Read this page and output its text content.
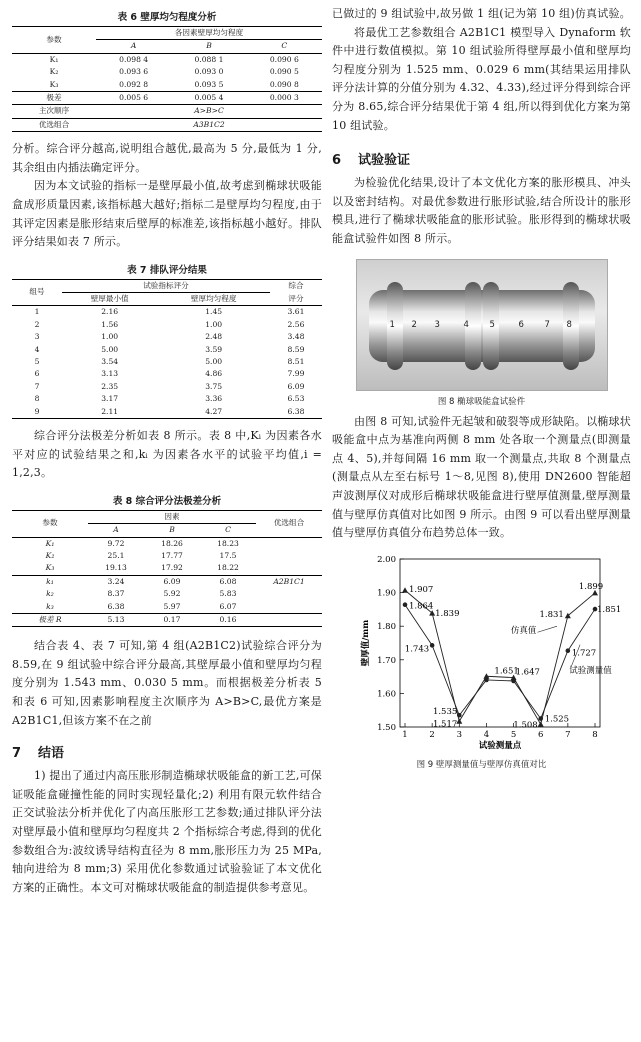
表 6 壁厚均匀程度分析
参数	各因素壁厚均匀程度		
	A	B	C
K₁	0.098 4	0.088 1	0.090 6
K₂	0.093 6	0.093 0	0.090 5
K₃	0.092 8	0.093 5	0.090 8
极差	0.005 6	0.005 4	0.000 3
主次顺序	A>B>C		
优选组合	A3B1C2		

分析。综合评分越高,说明组合越优,最高为 5 分,最低为 1 分,其余组由内插法确定评分。

因为本文试验的指标一是壁厚最小值,故考虑到椭球状吸能盒成形质量因素,该指标越大越好;指标二是壁厚均匀程度,由于其评定因素是胀形结束后壁厚的标准差,该指标越小越好。排队评分结果如表 7 所示。

表 7 排队评分结果
组号	试验指标评分		综合
	壁厚最小值	壁厚均匀程度	评分
1	2.16	1.45	3.61
2	1.56	1.00	2.56
3	1.00	2.48	3.48
4	5.00	3.59	8.59
5	3.54	5.00	8.51
6	3.13	4.86	7.99
7	2.35	3.75	6.09
8	3.17	3.36	6.53
9	2.11	4.27	6.38

综合评分法极差分析如表 8 所示。表 8 中,Kᵢ 为因素各水平对应的试验结果之和,kᵢ 为因素各水平的试验平均值,i = 1,2,3。

表 8 综合评分法极差分析
参数	因素			优选组合
	A	B	C	
K₁	9.72	18.26	18.23	
K₂	25.1	17.77	17.5	
K₃	19.13	17.92	18.22	
k₁	3.24	6.09	6.08	A2B1C1
k₂	8.37	5.92	5.83	
k₃	6.38	5.97	6.07	
极差 R	5.13	0.17	0.16	

结合表 4、表 7 可知,第 4 组(A2B1C2)试验综合评分为 8.59,在 9 组试验中综合评分最高,其壁厚最小值和壁厚均匀程度分别为 1.543 mm、0.030 5 mm。而根据极差分析表 5 和表 6 可知,因素影响程度主次顺序为 A>B>C,最优方案是 A2B1C1,但该方案不在之前

7 结语

1) 提出了通过内高压胀形制造椭球状吸能盒的新工艺,可保证吸能盒碰撞性能的同时实现轻量化;2) 利用有限元软件结合正交试验法分析并优化了内高压胀形工艺参数;通过排队评分法对壁厚最小值和壁厚均匀程度共 2 个指标综合考虑,得到的优化参数组合为:波纹诱导结构直径为 8 mm,胀形压力为 25 MPa,轴向进给为 8 mm;3) 采用优化参数通过试验验证了本文优化方案的正确性。本文可对椭球状吸能盒的制造提供参考意见。

已做过的 9 组试验中,故另做 1 组(记为第 10 组)仿真试验。

将最优工艺参数组合 A2B1C1 模型导入 Dynaform 软件中进行数值模拟。第 10 组试验所得壁厚最小值和壁厚均匀程度分别为 1.525 mm、0.029 6 mm(其结果运用排队评分法计算的分值分别为 4.32、4.33),经过评分得到综合评分为 8.65,综合评分结果优于第 4 组,所以得到优化方案为第 10 组试验。

6 试验验证

为检验优化结果,设计了本文优化方案的胀形模具、冲头以及密封结构。对最优参数进行胀形试验,结合所设计的胀形模具,进行了椭球状吸能盒的胀形试验。胀形得到的椭球状吸能盒试验件如图 8 所示。

1 2 3	4 5	6 7 8
图 8 椭球吸能盒试验件

由图 8 可知,试验件无起皱和破裂等成形缺陷。以椭球状吸能盒中点为基准向两侧 8 mm 处各取一个测量点(即测量点 4、5),并每间隔 16 mm 取一个测量点,共取 8 个测量点(测量点从左至右标号 1～8,见图 8),使用 DN2600 智能超声波测厚仪对成形后椭球状吸能盒进行壁厚值测量,壁厚测量值与壁厚仿真值对比如图 9 所示。由图 9 可以看出壁厚测量值与壁厚仿真值分布趋势总体一致。

1.50
1.60
1.70
1.80
1.90
2.00
1	2	3	4	5	6	7	8
试验测量点
壁厚值/mm
1.907
1.864
1.839
1.743
1.535
1.517
1.651
1.508
1.647
1.525
1.831
1.727
1.899
1.851
仿真值
试验测量值
图 9 壁厚测量值与壁厚仿真值对比
